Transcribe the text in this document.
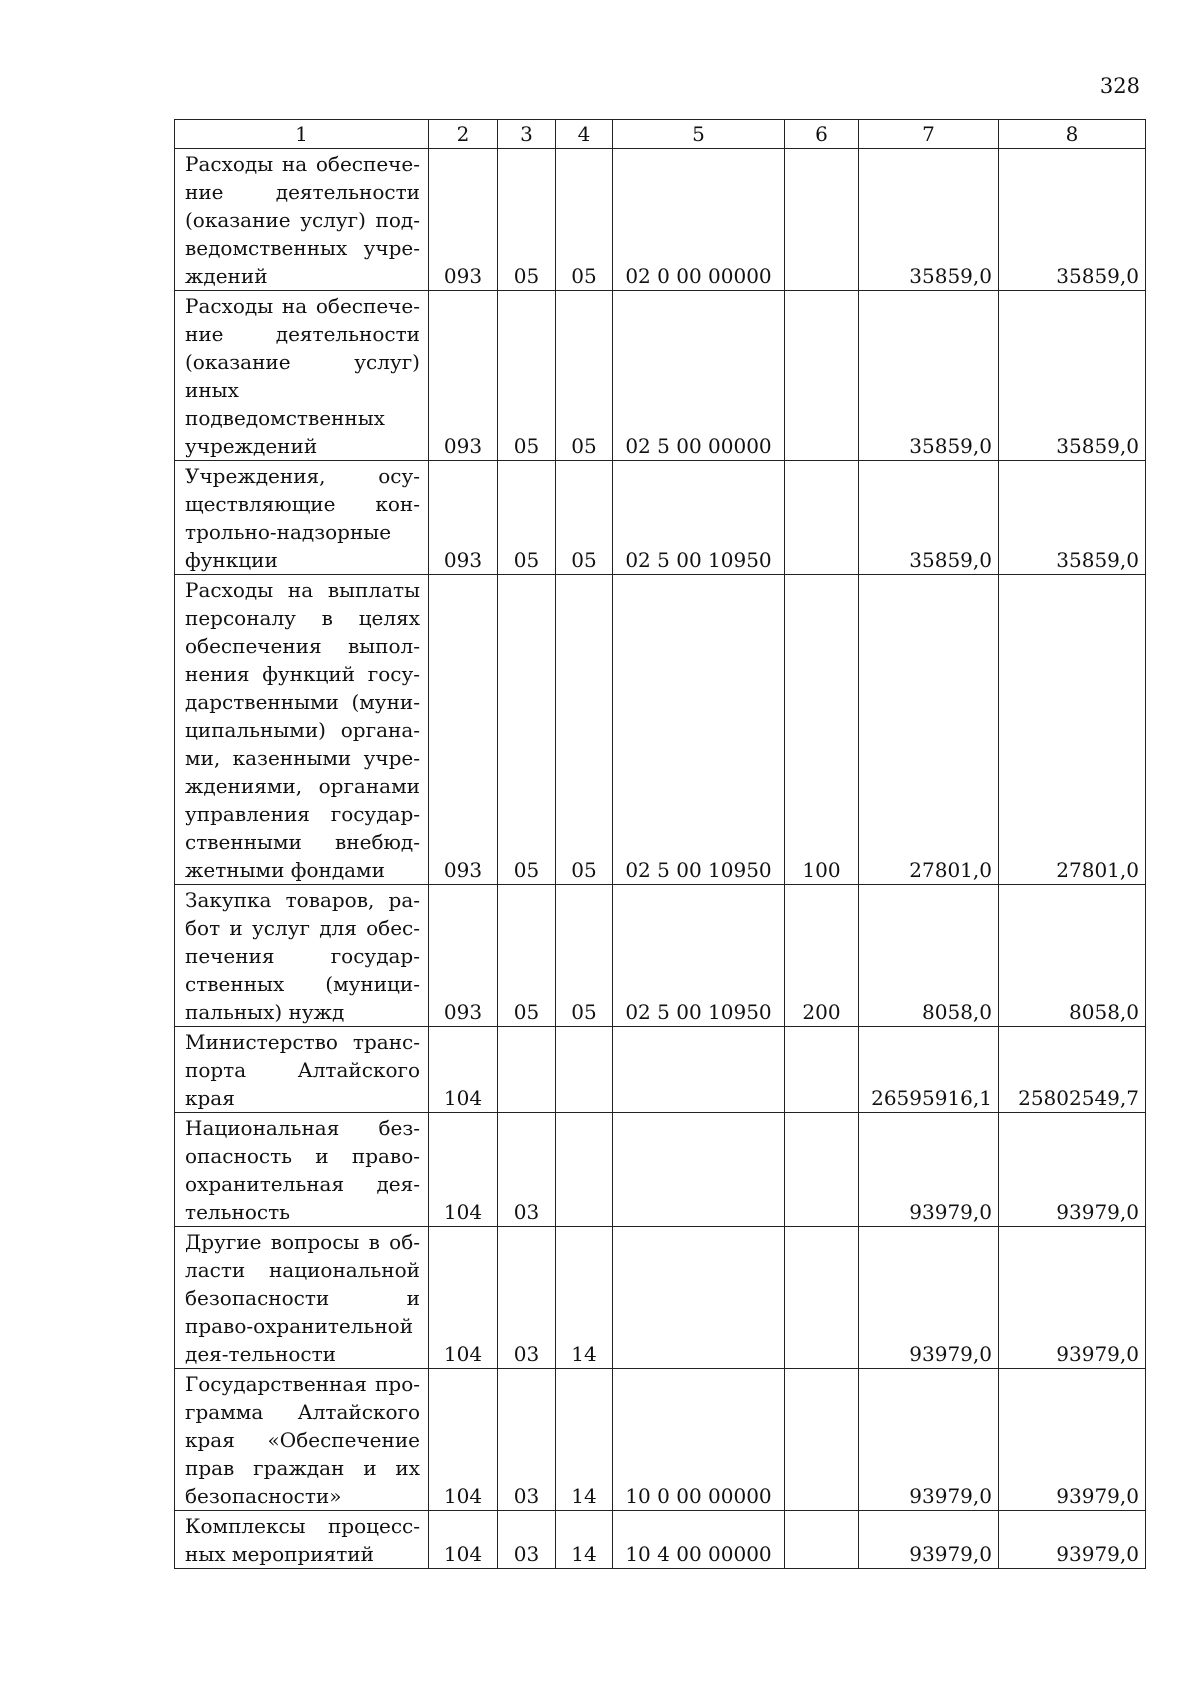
328
1	2	3	4	5	6	7	8
Расходы на обеспече-ние деятельности (оказание услуг) под-ведомственных учре-ждений	093	05	05	02 0 00 00000		35859,0	35859,0
Расходы на обеспече-ние деятельности (оказание услуг) иных подведомственных учреждений	093	05	05	02 5 00 00000		35859,0	35859,0
Учреждения, осу-ществляющие кон-трольно-надзорные функции	093	05	05	02 5 00 10950		35859,0	35859,0
Расходы на выплаты персоналу в целях обеспечения выпол-нения функций госу-дарственными (муни-ципальными) органа-ми, казенными учре-ждениями, органами управления государ-ственными внебюд-жетными фондами	093	05	05	02 5 00 10950	100	27801,0	27801,0
Закупка товаров, ра-бот и услуг для обес-печения государ-ственных (муници-пальных) нужд	093	05	05	02 5 00 10950	200	8058,0	8058,0
Министерство транс-порта Алтайского края	104					26595916,1	25802549,7
Национальная без-опасность и право-охранительная дея-тельность	104	03				93979,0	93979,0
Другие вопросы в об-ласти национальной безопасности и право-охранительной дея-тельности	104	03	14			93979,0	93979,0
Государственная про-грамма Алтайского края «Обеспечение прав граждан и их безопасности»	104	03	14	10 0 00 00000		93979,0	93979,0
Комплексы процесс-ных мероприятий	104	03	14	10 4 00 00000		93979,0	93979,0
